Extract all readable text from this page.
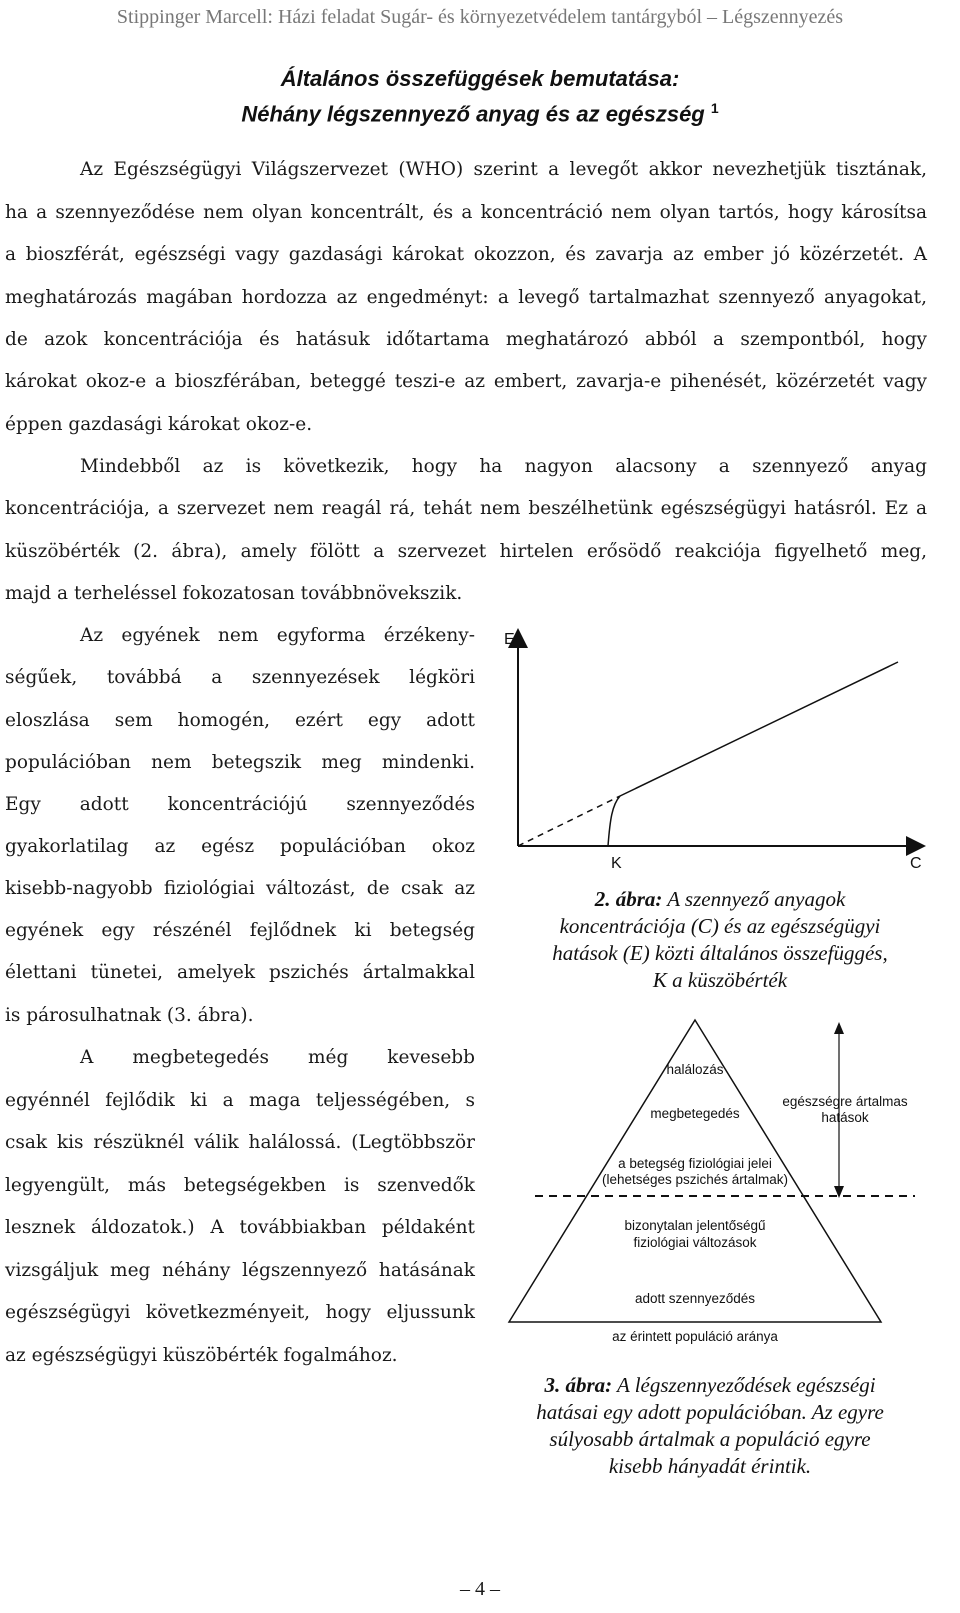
Stippinger Marcell: Házi feladat Sugár- és környezetvédelem tantárgyból – Légszennyezés
Általános összefüggések bemutatása:
Néhány légszennyező anyag és az egészség $^1$
Az Egészségügyi Világszervezet (WHO) szerint a levegőt akkor nevezhetjük tisztának,
ha a szennyeződése nem olyan koncentrált, és a koncentráció nem olyan tartós, hogy károsítsa
a bioszférát, egészségi vagy gazdasági károkat okozzon, és zavarja az ember jó közérzetét. A
meghatározás magában hordozza az engedményt: a levegő tartalmazhat szennyező anyagokat,
de azok koncentrációja és hatásuk időtartama meghatározó abból a szempontból, hogy
károkat okoz-e a bioszférában, beteggé teszi-e az embert, zavarja-e pihenését, közérzetét vagy
éppen gazdasági károkat okoz-e.
Mindebből az is következik, hogy ha nagyon alacsony a szennyező anyag
koncentrációja, a szervezet nem reagál rá, tehát nem beszélhetünk egészségügyi hatásról. Ez a
küszöbérték (2. ábra), amely fölött a szervezet hirtelen erősödő reakciója figyelhető meg,
majd a terheléssel fokozatosan továbbnövekszik.
Az egyének nem egyforma érzékeny-
ségűek, továbbá a szennyezések légköri
eloszlása sem homogén, ezért egy adott
populációban nem betegszik meg mindenki.
Egy adott koncentrációjú szennyeződés
gyakorlatilag az egész populációban okoz
kisebb-nagyobb fiziológiai változást, de csak az
egyének egy részénél fejlődnek ki betegség
élettani tünetei, amelyek pszichés ártalmakkal
is párosulhatnak (3. ábra).
A megbetegedés még kevesebb
egyénnél fejlődik ki a maga teljességében, s
csak kis részüknél válik halálossá. (Legtöbbször
legyengült, más betegségekben is szenvedők
lesznek áldozatok.) A továbbiakban példaként
vizsgáljuk meg néhány légszennyező hatásának
egészségügyi következményeit, hogy eljussunk
az egészségügyi küszöbérték fogalmához.
E
C
K
2. ábra: A szennyező anyagok
koncentrációja (C) és az egészségügyi
hatások (E) közti általános összefüggés,
K a küszöbérték
halálozás
megbetegedés
a betegség fiziológiai jelei
(lehetséges pszichés ártalmak)
bizonytalan jelentőségű
fiziológiai változások
adott szennyeződés
egészségre ártalmas
hatások
az érintett populáció aránya
3. ábra: A légszennyeződések egészségi
hatásai egy adott populációban. Az egyre
súlyosabb ártalmak a populáció egyre
kisebb hányadát érintik.
– 4 –
